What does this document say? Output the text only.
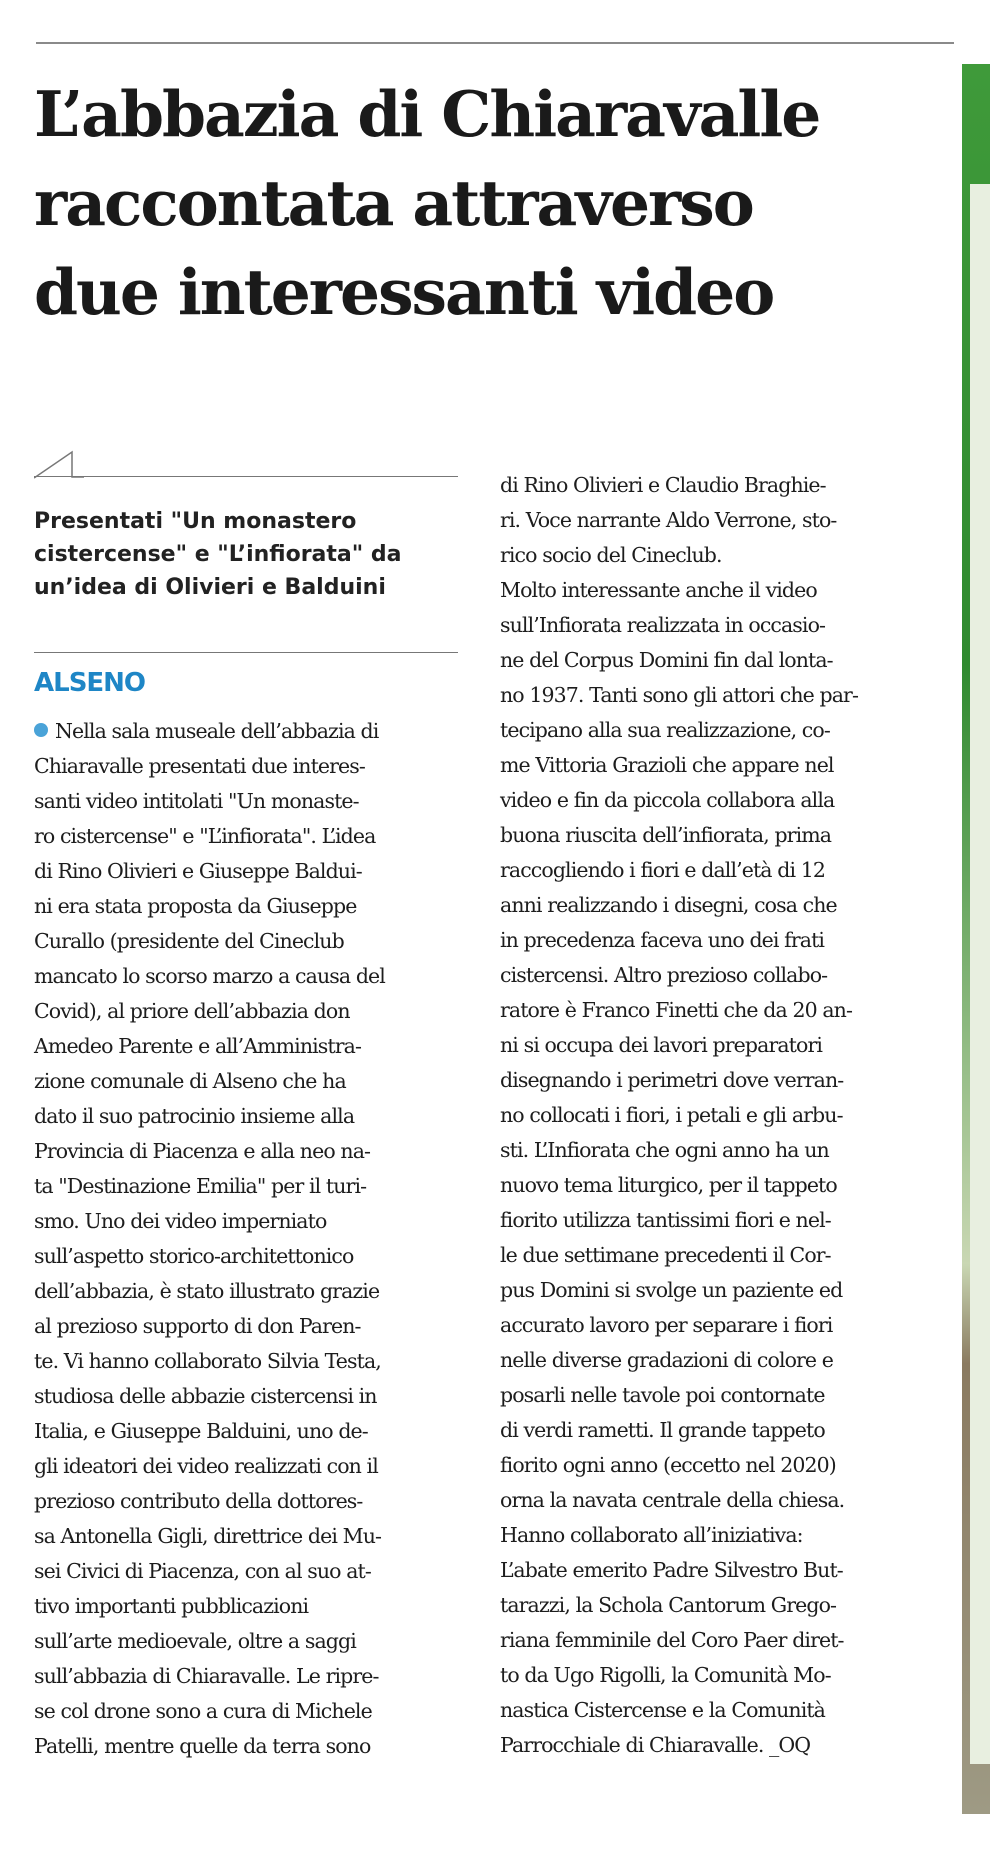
L’abbazia di Chiaravalle
raccontata attraverso
due interessanti video
Presentati "Un monastero
cistercense" e "L’infiorata" da
un’idea di Olivieri e Balduini
ALSENO
Nella sala museale dell’abbazia di
Chiaravalle presentati due interes-
santi video intitolati "Un monaste-
ro cistercense" e "L’infiorata". L’idea
di Rino Olivieri e Giuseppe Baldui-
ni era stata proposta da Giuseppe
Curallo (presidente del Cineclub
mancato lo scorso marzo a causa del
Covid), al priore dell’abbazia don
Amedeo Parente e all’Amministra-
zione comunale di Alseno che ha
dato il suo patrocinio insieme alla
Provincia di Piacenza e alla neo na-
ta "Destinazione Emilia" per il turi-
smo. Uno dei video imperniato
sull’aspetto storico-architettonico
dell’abbazia, è stato illustrato grazie
al prezioso supporto di don Paren-
te. Vi hanno collaborato Silvia Testa,
studiosa delle abbazie cistercensi in
Italia, e Giuseppe Balduini, uno de-
gli ideatori dei video realizzati con il
prezioso contributo della dottores-
sa Antonella Gigli, direttrice dei Mu-
sei Civici di Piacenza, con al suo at-
tivo importanti pubblicazioni
sull’arte medioevale, oltre a saggi
sull’abbazia di Chiaravalle. Le ripre-
se col drone sono a cura di Michele
Patelli, mentre quelle da terra sono
di Rino Olivieri e Claudio Braghie-
ri. Voce narrante Aldo Verrone, sto-
rico socio del Cineclub.
Molto interessante anche il video
sull’Infiorata realizzata in occasio-
ne del Corpus Domini fin dal lonta-
no 1937. Tanti sono gli attori che par-
tecipano alla sua realizzazione, co-
me Vittoria Grazioli che appare nel
video e fin da piccola collabora alla
buona riuscita dell’infiorata, prima
raccogliendo i fiori e dall’età di 12
anni realizzando i disegni, cosa che
in precedenza faceva uno dei frati
cistercensi. Altro prezioso collabo-
ratore è Franco Finetti che da 20 an-
ni si occupa dei lavori preparatori
disegnando i perimetri dove verran-
no collocati i fiori, i petali e gli arbu-
sti. L’Infiorata che ogni anno ha un
nuovo tema liturgico, per il tappeto
fiorito utilizza tantissimi fiori e nel-
le due settimane precedenti il Cor-
pus Domini si svolge un paziente ed
accurato lavoro per separare i fiori
nelle diverse gradazioni di colore e
posarli nelle tavole poi contornate
di verdi rametti. Il grande tappeto
fiorito ogni anno (eccetto nel 2020)
orna la navata centrale della chiesa.
Hanno collaborato all’iniziativa:
L’abate emerito Padre Silvestro But-
tarazzi, la Schola Cantorum Grego-
riana femminile del Coro Paer diret-
to da Ugo Rigolli, la Comunità Mo-
nastica Cistercense e la Comunità
Parrocchiale di Chiaravalle. _OQ
